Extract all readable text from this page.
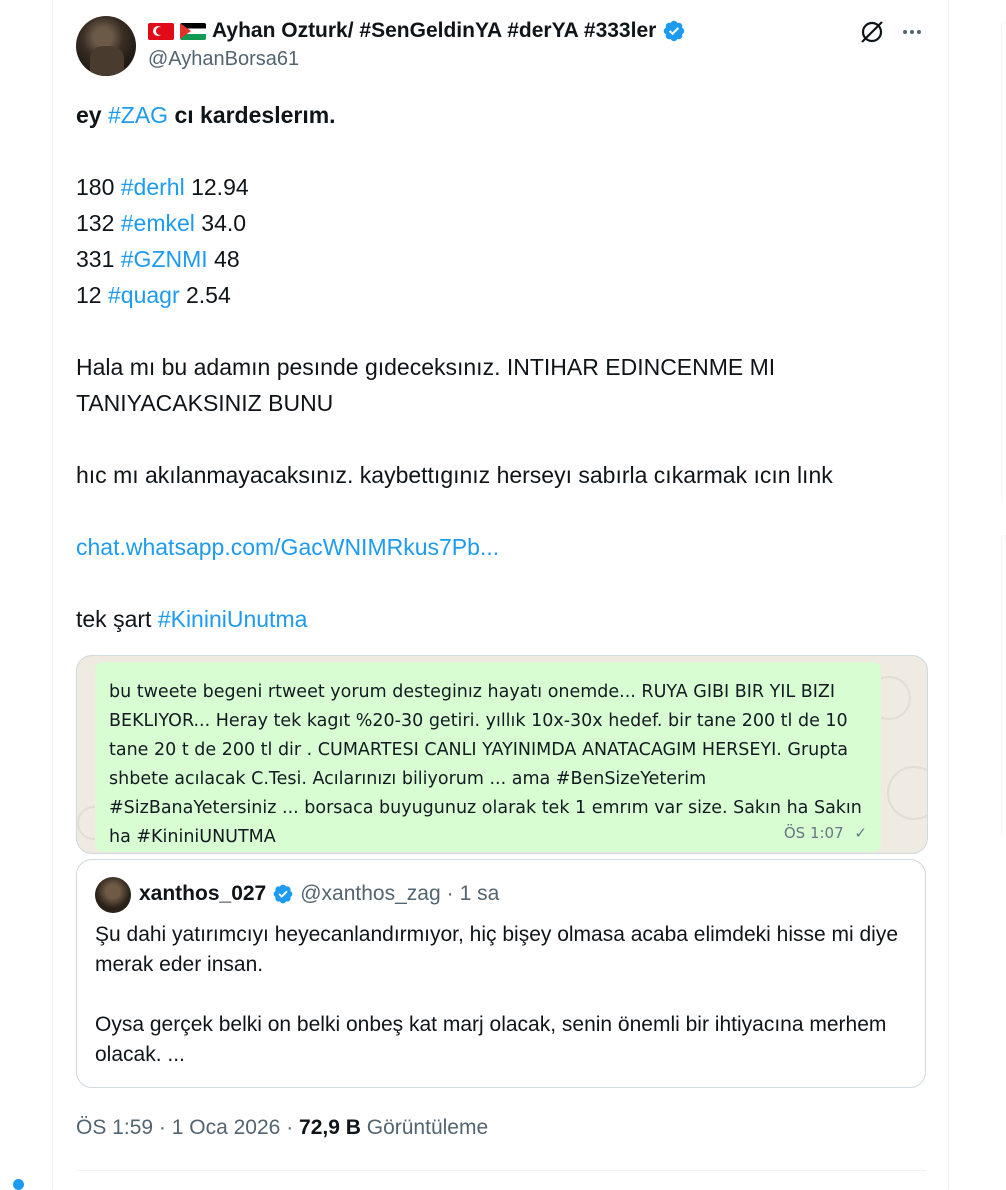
Ayhan Ozturk/ #SenGeldinYA #derYA #333ler
@AyhanBorsa61
ey #ZAG cı kardeslerım.

180 #derhl 12.94

132 #emkel 34.0

331 #GZNMI 48

12 #quagr 2.54

Hala mı bu adamın pesınde gıdeceksınız. INTIHAR EDINCENME MI TANIYACAKSINIZ BUNU
hıc mı akılanmayacaksınız. kaybettıgınız herseyı sabırla cıkarmak ıcın lınk
chat.whatsapp.com/GacWNIMRkus7Pb...
tek şart #KininiUnutma
bu tweete begeni rtweet yorum desteginız hayatı onemde... RUYA GIBI BIR YIL BIZI BEKLIYOR... Heray tek kagıt %20-30 getiri. yıllık 10x-30x hedef. bir tane 200 tl de 10 tane 20 t de 200 tl dir . CUMARTESI CANLI YAYINIMDA ANATACAGIM HERSEYI. Grupta shbete acılacak C.Tesi. Acılarınızı biliyorum ... ama #BenSizeYeterim #SizBanaYetersiniz ... borsaca buyugunuz olarak tek 1 emrım var size. Sakın ha Sakın ha #KininiUNUTMA	ÖS 1:07 ✓
xanthos_027 @xanthos_zag · 1 sa

Şu dahi yatırımcıyı heyecanlandırmıyor, hiç bişey olmasa acaba elimdeki hisse mi diye merak eder insan.

Oysa gerçek belki on belki onbeş kat marj olacak, senin önemli bir ihtiyacına merhem olacak. ...

ÖS 1:59 · 1 Oca 2026 · 72,9 B Görüntüleme
